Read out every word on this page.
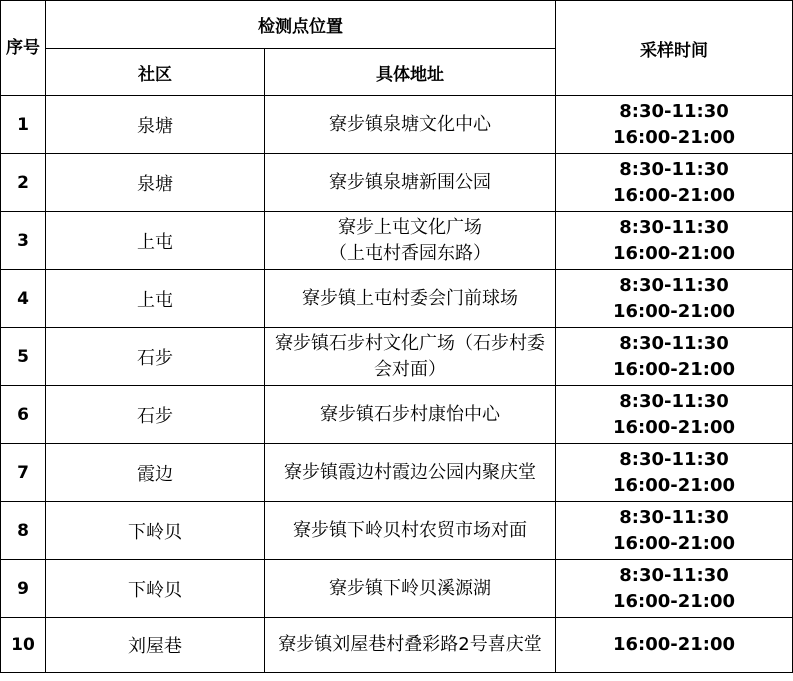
序号	检测点位置		采样时间
	社区	具体地址	
1	泉塘	寮步镇泉塘文化中心	8:30-11:30
16:00-21:00

2	泉塘	寮步镇泉塘新围公园	8:30-11:30
16:00-21:00

3	上屯	寮步上屯文化广场
（上屯村香园东路）	8:30-11:30
16:00-21:00

4	上屯	寮步镇上屯村委会门前球场	8:30-11:30
16:00-21:00

5	石步	寮步镇石步村文化广场（石步村委会对面）	8:30-11:30
16:00-21:00

6	石步	寮步镇石步村康怡中心	8:30-11:30
16:00-21:00

7	霞边	寮步镇霞边村霞边公园内聚庆堂	8:30-11:30
16:00-21:00

8	下岭贝	寮步镇下岭贝村农贸市场对面	8:30-11:30
16:00-21:00

9	下岭贝	寮步镇下岭贝溪源湖	8:30-11:30
16:00-21:00

10	刘屋巷	寮步镇刘屋巷村叠彩路2号喜庆堂	16:00-21:00
